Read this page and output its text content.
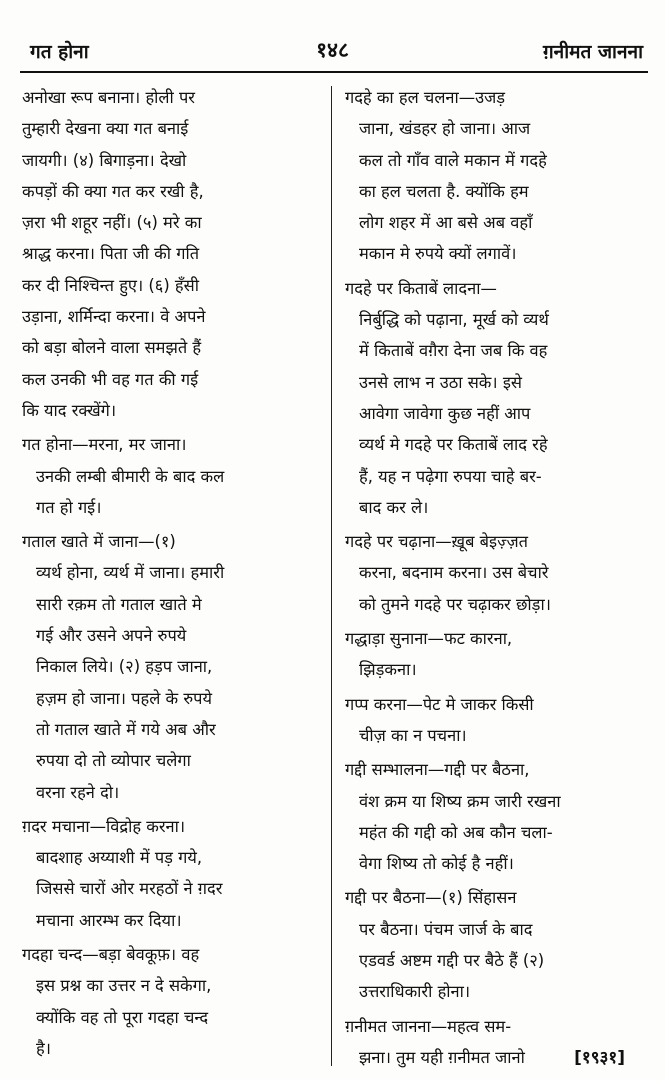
गत होना	१४८	ग़नीमत जानना
अनोखा रूप बनाना। होली पर
तुम्हारी देखना क्या गत बनाई
जायगी। (४) बिगाड़ना। देखो
कपड़ों की क्या गत कर रखी है,
ज़रा भी शहूर नहीं। (५) मरे का
श्राद्ध करना। पिता जी की गति
कर दी निश्चिन्त हुए। (६) हँसी
उड़ाना, शर्मिन्दा करना। वे अपने
को बड़ा बोलने वाला समझते हैं
कल उनकी भी वह गत की गई
कि याद रक्खेंगे।
गत होना—मरना, मर जाना।
उनकी लम्बी बीमारी के बाद कल
गत हो गई।
गताल खाते में जाना—(१)
व्यर्थ होना, व्यर्थ में जाना। हमारी
सारी रक़म तो गताल खाते मे
गई और उसने अपने रुपये
निकाल लिये। (२) हड़प जाना,
हज़म हो जाना। पहले के रुपये
तो गताल खाते में गये अब और
रुपया दो तो व्योपार चलेगा
वरना रहने दो।
ग़दर मचाना—विद्रोह करना।
बादशाह अय्याशी में पड़ गये,
जिससे चारों ओर मरहठों ने ग़दर
मचाना आरम्भ कर दिया।
गदहा चन्द—बड़ा बेवकूफ़। वह
इस प्रश्न का उत्तर न दे सकेगा,
क्योंकि वह तो पूरा गदहा चन्द
है।
गदहे का हल चलना—उजड़
जाना, खंडहर हो जाना। आज
कल तो गाँव वाले मकान में गदहे
का हल चलता है. क्योंकि हम
लोग शहर में आ बसे अब वहाँ
मकान मे रुपये क्यों लगावें।
गदहे पर किताबें लादना—
निर्बुद्धि को पढ़ाना, मूर्ख को व्यर्थ
में किताबें वग़ैरा देना जब कि वह
उनसे लाभ न उठा सके। इसे
आवेगा जावेगा कुछ नहीं आप
व्यर्थ मे गदहे पर किताबें लाद रहे
हैं, यह न पढ़ेगा रुपया चाहे बर-
बाद कर ले।
गदहे पर चढ़ाना—ख़ूब बेइज़्ज़त
करना, बदनाम करना। उस बेचारे
को तुमने गदहे पर चढ़ाकर छोड़ा।
गद्धाड़ा सुनाना—फट कारना,
झिड़कना।
गप्प करना—पेट मे जाकर किसी
चीज़ का न पचना।
गद्दी सम्भालना—गद्दी पर बैठना,
वंश क्रम या शिष्य क्रम जारी रखना
महंत की गद्दी को अब कौन चला-
वेगा शिष्य तो कोई है नहीं।
गद्दी पर बैठना—(१) सिंहासन
पर बैठना। पंचम जार्ज के बाद
एडवर्ड अष्टम गद्दी पर बैठे हैं (२)
उत्तराधिकारी होना।
ग़नीमत जानना—महत्व सम-
झना। तुम यही ग़नीमत जानो	[१९३१]
